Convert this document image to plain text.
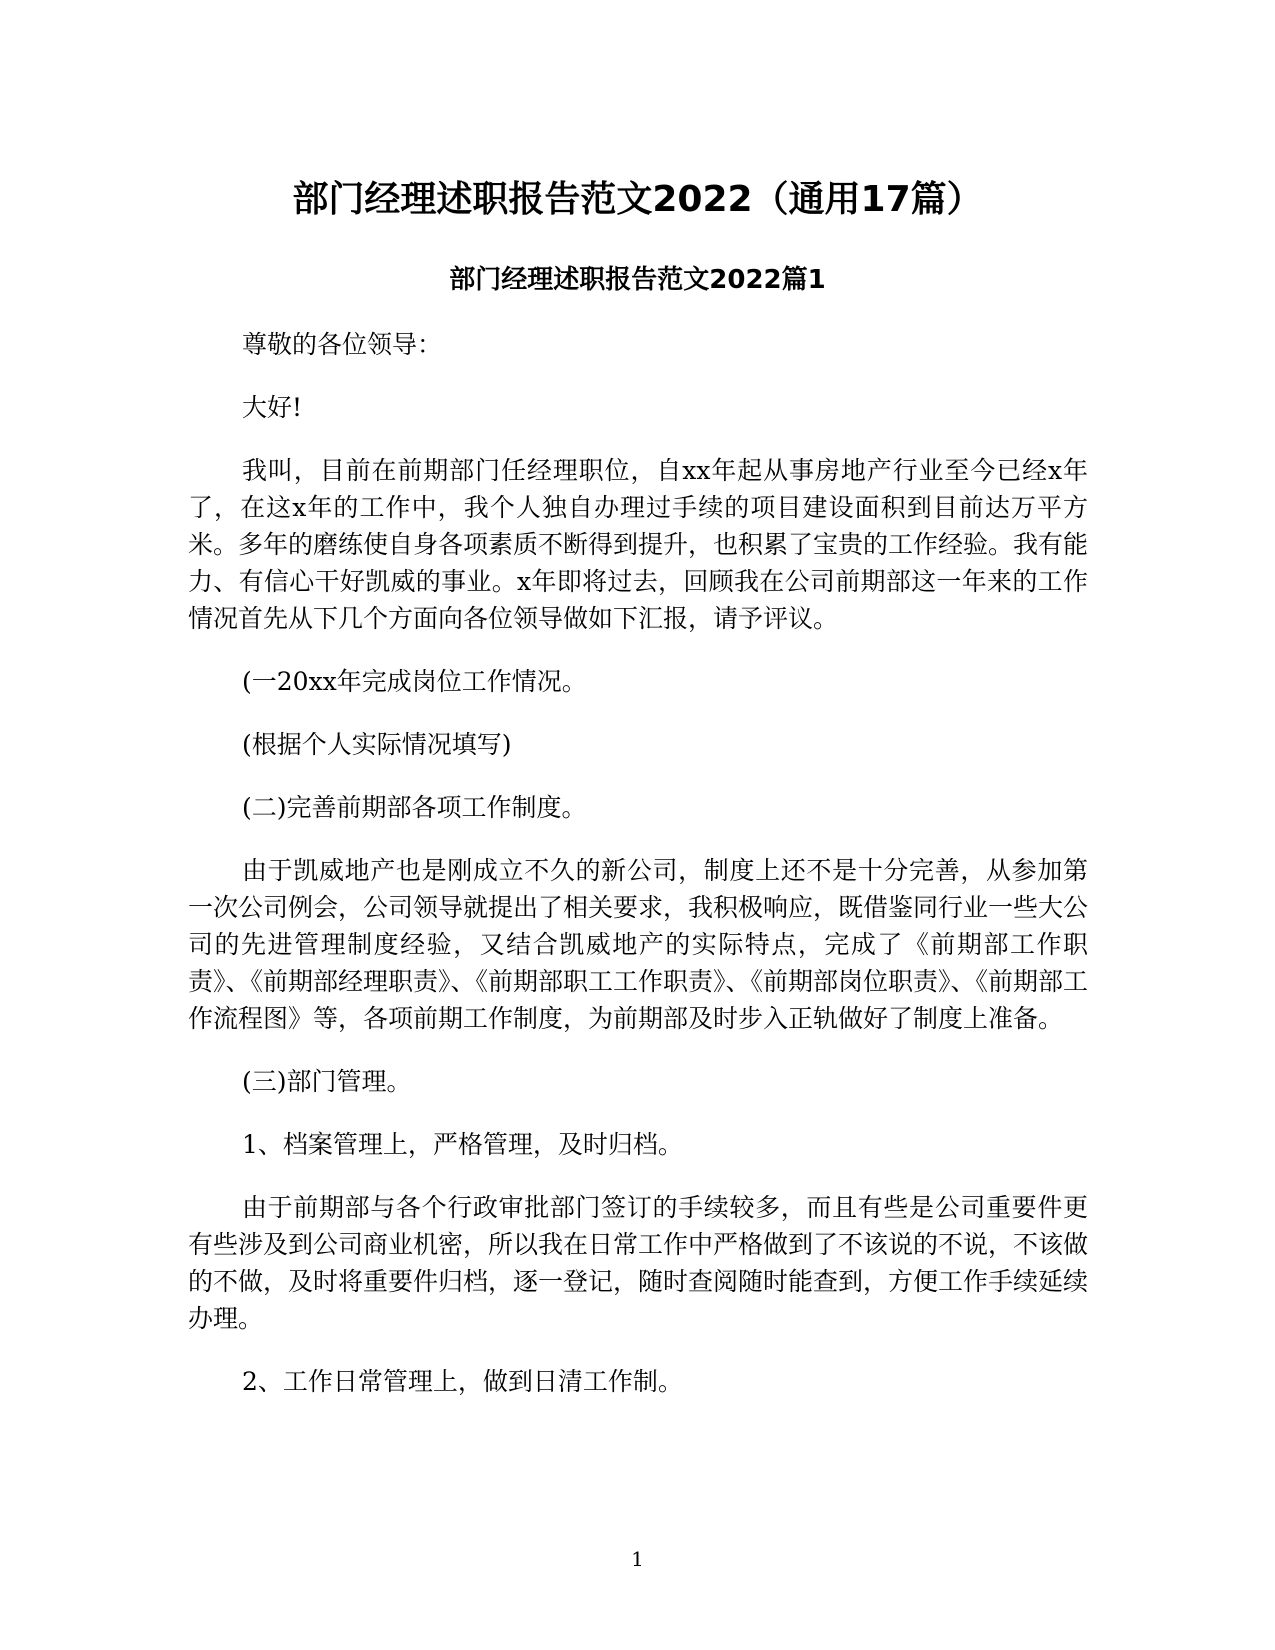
部门经理述职报告范文2022（通用17篇）
部门经理述职报告范文2022篇1

尊敬的各位领导：

大好!

我叫，目前在前期部门任经理职位，自xx年起从事房地产行业至今已经x年了，在这x年的工作中，我个人独自办理过手续的项目建设面积到目前达万平方米。多年的磨练使自身各项素质不断得到提升，也积累了宝贵的工作经验。我有能力、有信心干好凯威的事业。x年即将过去，回顾我在公司前期部这一年来的工作情况首先从下几个方面向各位领导做如下汇报，请予评议。

(一20xx年完成岗位工作情况。

(根据个人实际情况填写)

(二)完善前期部各项工作制度。

由于凯威地产也是刚成立不久的新公司，制度上还不是十分完善，从参加第一次公司例会，公司领导就提出了相关要求，我积极响应，既借鉴同行业一些大公司的先进管理制度经验，又结合凯威地产的实际特点，完成了《前期部工作职责》、《前期部经理职责》、《前期部职工工作职责》、《前期部岗位职责》、《前期部工作流程图》等，各项前期工作制度，为前期部及时步入正轨做好了制度上准备。

(三)部门管理。

1、档案管理上，严格管理，及时归档。

由于前期部与各个行政审批部门签订的手续较多，而且有些是公司重要件更有些涉及到公司商业机密，所以我在日常工作中严格做到了不该说的不说，不该做的不做，及时将重要件归档，逐一登记，随时查阅随时能查到，方便工作手续延续办理。

2、工作日常管理上，做到日清工作制。

1
